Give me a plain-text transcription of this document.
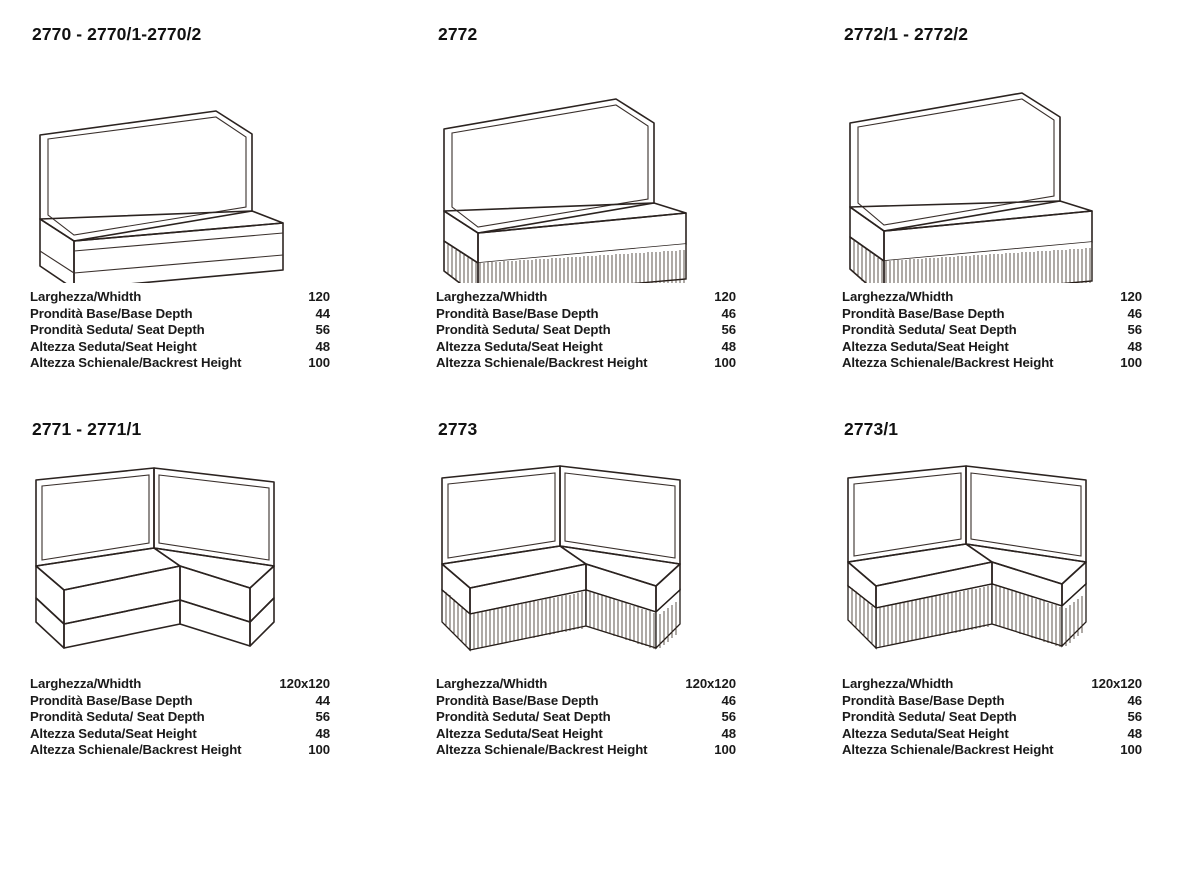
2770 - 2770/1-2770/2
Larghezza/Whidth	120
Prondità Base/Base Depth	44
Prondità Seduta/ Seat Depth	56
Altezza Seduta/Seat Height	48
Altezza Schienale/Backrest Height	100
2772
Larghezza/Whidth	120
Prondità Base/Base Depth	46
Prondità Seduta/ Seat Depth	56
Altezza Seduta/Seat Height	48
Altezza Schienale/Backrest Height	100
2772/1 - 2772/2
Larghezza/Whidth	120
Prondità Base/Base Depth	46
Prondità Seduta/ Seat Depth	56
Altezza Seduta/Seat Height	48
Altezza Schienale/Backrest Height	100
2771 - 2771/1
Larghezza/Whidth	120x120
Prondità Base/Base Depth	44
Prondità Seduta/ Seat Depth	56
Altezza Seduta/Seat Height	48
Altezza Schienale/Backrest Height	100
2773
Larghezza/Whidth	120x120
Prondità Base/Base Depth	46
Prondità Seduta/ Seat Depth	56
Altezza Seduta/Seat Height	48
Altezza Schienale/Backrest Height	100
2773/1
Larghezza/Whidth	120x120
Prondità Base/Base Depth	46
Prondità Seduta/ Seat Depth	56
Altezza Seduta/Seat Height	48
Altezza Schienale/Backrest Height	100
